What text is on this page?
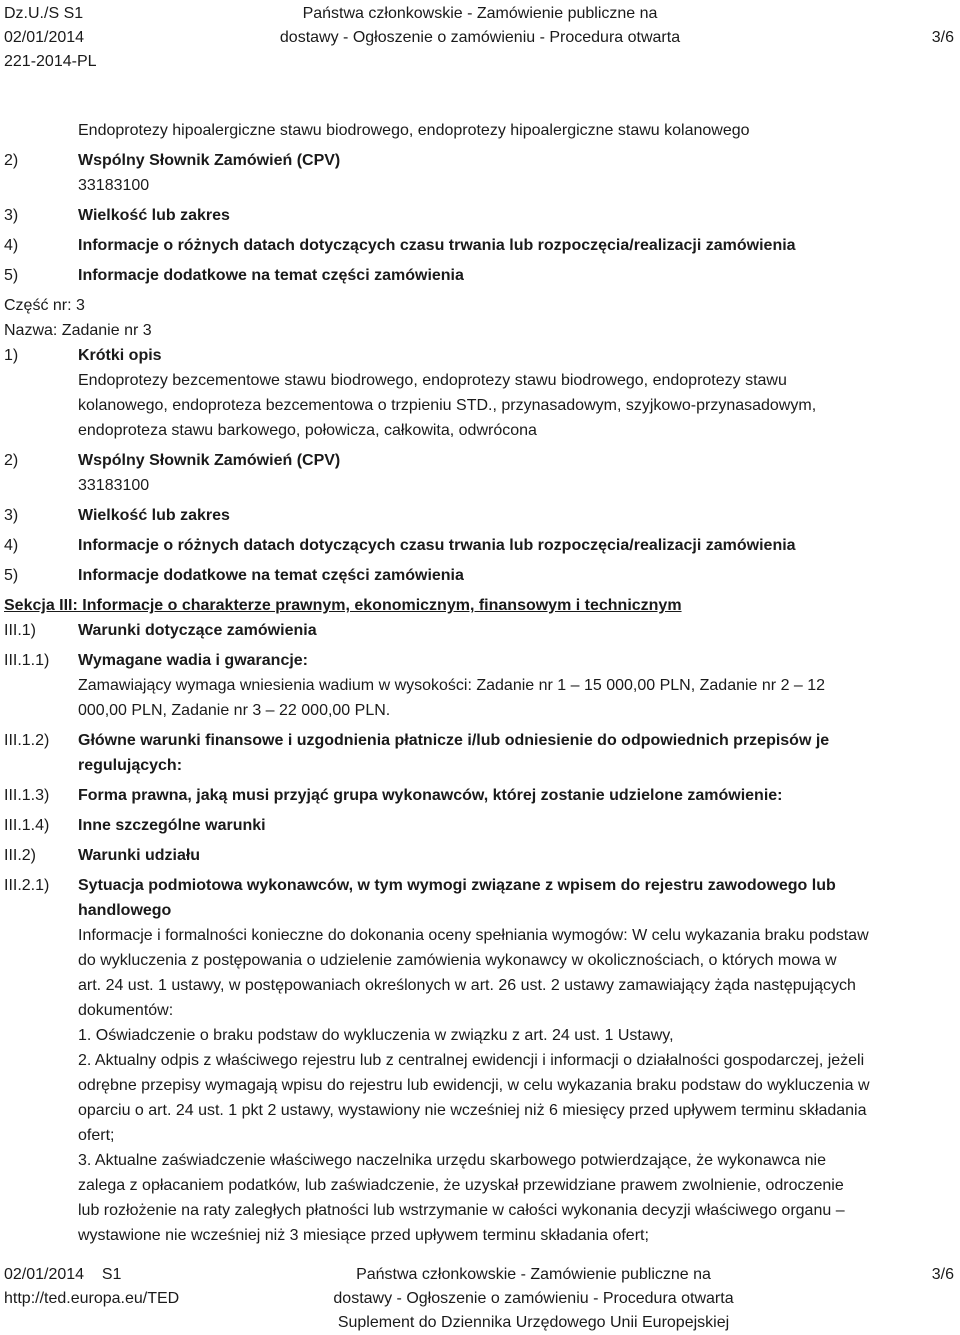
Dz.U./S S1
02/01/2014
221-2014-PL
Państwa członkowskie - Zamówienie publiczne na
dostawy - Ogłoszenie o zamówieniu - Procedura otwarta	3/6
Endoprotezy hipoalergiczne stawu biodrowego, endoprotezy hipoalergiczne stawu kolanowego
2)	Wspólny Słownik Zamówień (CPV)
33183100
3)	Wielkość lub zakres
4)	Informacje o różnych datach dotyczących czasu trwania lub rozpoczęcia/realizacji zamówienia
5)	Informacje dodatkowe na temat części zamówienia
Część nr: 3
Nazwa: Zadanie nr 3
1)	Krótki opis
Endoprotezy bezcementowe stawu biodrowego, endoprotezy stawu biodrowego, endoprotezy stawu
kolanowego, endoproteza bezcementowa o trzpieniu STD., przynasadowym, szyjkowo-przynasadowym,
endoproteza stawu barkowego, połowicza, całkowita, odwrócona
2)	Wspólny Słownik Zamówień (CPV)
33183100
3)	Wielkość lub zakres
4)	Informacje o różnych datach dotyczących czasu trwania lub rozpoczęcia/realizacji zamówienia
5)	Informacje dodatkowe na temat części zamówienia
Sekcja III: Informacje o charakterze prawnym, ekonomicznym, finansowym i technicznym
III.1)	Warunki dotyczące zamówienia
III.1.1)	Wymagane wadia i gwarancje:
Zamawiający wymaga wniesienia wadium w wysokości: Zadanie nr 1 – 15 000,00 PLN, Zadanie nr 2 – 12
000,00 PLN, Zadanie nr 3 – 22 000,00 PLN.
III.1.2)	Główne warunki finansowe i uzgodnienia płatnicze i/lub odniesienie do odpowiednich przepisów je
regulujących:
III.1.3)	Forma prawna, jaką musi przyjąć grupa wykonawców, której zostanie udzielone zamówienie:
III.1.4)	Inne szczególne warunki
III.2)	Warunki udziału
III.2.1)	Sytuacja podmiotowa wykonawców, w tym wymogi związane z wpisem do rejestru zawodowego lub
handlowego
Informacje i formalności konieczne do dokonania oceny spełniania wymogów: W celu wykazania braku podstaw
do wykluczenia z postępowania o udzielenie zamówienia wykonawcy w okolicznościach, o których mowa w
art. 24 ust. 1 ustawy, w postępowaniach określonych w art. 26 ust. 2 ustawy zamawiający żąda następujących
dokumentów:
1. Oświadczenie o braku podstaw do wykluczenia w związku z art. 24 ust. 1 Ustawy,
2. Aktualny odpis z właściwego rejestru lub z centralnej ewidencji i informacji o działalności gospodarczej, jeżeli
odrębne przepisy wymagają wpisu do rejestru lub ewidencji, w celu wykazania braku podstaw do wykluczenia w
oparciu o art. 24 ust. 1 pkt 2 ustawy, wystawiony nie wcześniej niż 6 miesięcy przed upływem terminu składania
ofert;
3. Aktualne zaświadczenie właściwego naczelnika urzędu skarbowego potwierdzające, że wykonawca nie
zalega z opłacaniem podatków, lub zaświadczenie, że uzyskał przewidziane prawem zwolnienie, odroczenie
lub rozłożenie na raty zaległych płatności lub wstrzymanie w całości wykonania decyzji właściwego organu –
wystawione nie wcześniej niż 3 miesiące przed upływem terminu składania ofert;
02/01/2014    S1
http://ted.europa.eu/TED
Państwa członkowskie - Zamówienie publiczne na
dostawy - Ogłoszenie o zamówieniu - Procedura otwarta
Suplement do Dziennika Urzędowego Unii Europejskiej
3/6
